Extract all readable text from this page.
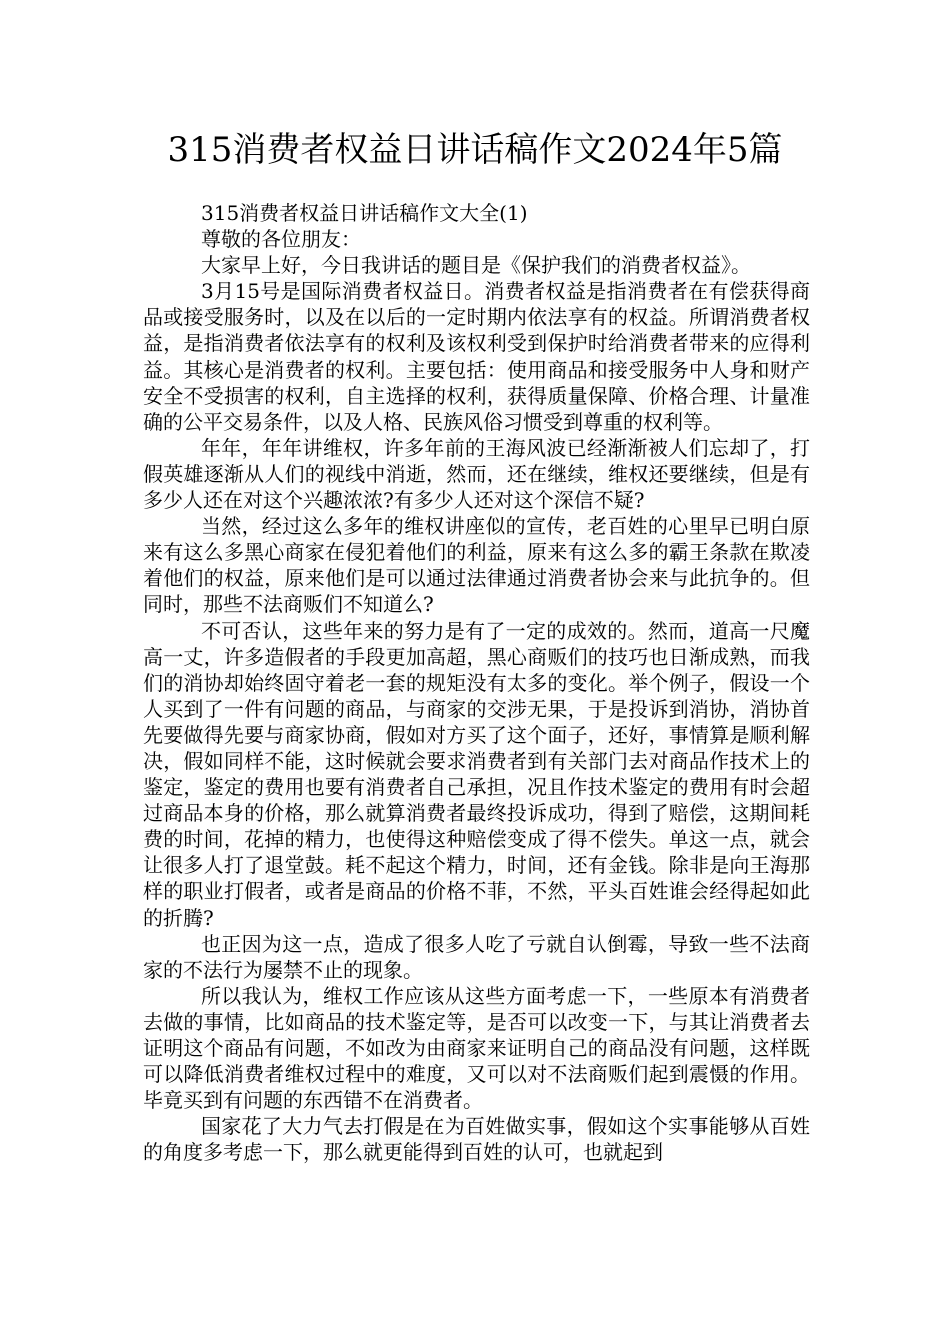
315消费者权益日讲话稿作文2024年5篇

315消费者权益日讲话稿作文大全(1)

尊敬的各位朋友：

大家早上好，今日我讲话的题目是《保护我们的消费者权益》。

3月15号是国际消费者权益日。消费者权益是指消费者在有偿获得商品或接受服务时，以及在以后的一定时期内依法享有的权益。所谓消费者权益，是指消费者依法享有的权利及该权利受到保护时给消费者带来的应得利益。其核心是消费者的权利。主要包括：使用商品和接受服务中人身和财产安全不受损害的权利，自主选择的权利，获得质量保障、价格合理、计量准确的公平交易条件，以及人格、民族风俗习惯受到尊重的权利等。

年年，年年讲维权，许多年前的王海风波已经渐渐被人们忘却了，打假英雄逐渐从人们的视线中消逝，然而，还在继续，维权还要继续，但是有多少人还在对这个兴趣浓浓?有多少人还对这个深信不疑?

当然，经过这么多年的维权讲座似的宣传，老百姓的心里早已明白原来有这么多黑心商家在侵犯着他们的利益，原来有这么多的霸王条款在欺凌着他们的权益，原来他们是可以通过法律通过消费者协会来与此抗争的。但同时，那些不法商贩们不知道么?

不可否认，这些年来的努力是有了一定的成效的。然而，道高一尺魔高一丈，许多造假者的手段更加高超，黑心商贩们的技巧也日渐成熟，而我们的消协却始终固守着老一套的规矩没有太多的变化。举个例子，假设一个人买到了一件有问题的商品，与商家的交涉无果，于是投诉到消协，消协首先要做得先要与商家协商，假如对方买了这个面子，还好，事情算是顺利解决，假如同样不能，这时候就会要求消费者到有关部门去对商品作技术上的鉴定，鉴定的费用也要有消费者自己承担，况且作技术鉴定的费用有时会超过商品本身的价格，那么就算消费者最终投诉成功，得到了赔偿，这期间耗费的时间，花掉的精力，也使得这种赔偿变成了得不偿失。单这一点，就会让很多人打了退堂鼓。耗不起这个精力，时间，还有金钱。除非是向王海那样的职业打假者，或者是商品的价格不菲，不然，平头百姓谁会经得起如此的折腾?

也正因为这一点，造成了很多人吃了亏就自认倒霉，导致一些不法商家的不法行为屡禁不止的现象。

所以我认为，维权工作应该从这些方面考虑一下，一些原本有消费者去做的事情，比如商品的技术鉴定等，是否可以改变一下，与其让消费者去证明这个商品有问题，不如改为由商家来证明自己的商品没有问题，这样既可以降低消费者维权过程中的难度，又可以对不法商贩们起到震慑的作用。毕竟买到有问题的东西错不在消费者。

国家花了大力气去打假是在为百姓做实事，假如这个实事能够从百姓的角度多考虑一下，那么就更能得到百姓的认可，也就起到
